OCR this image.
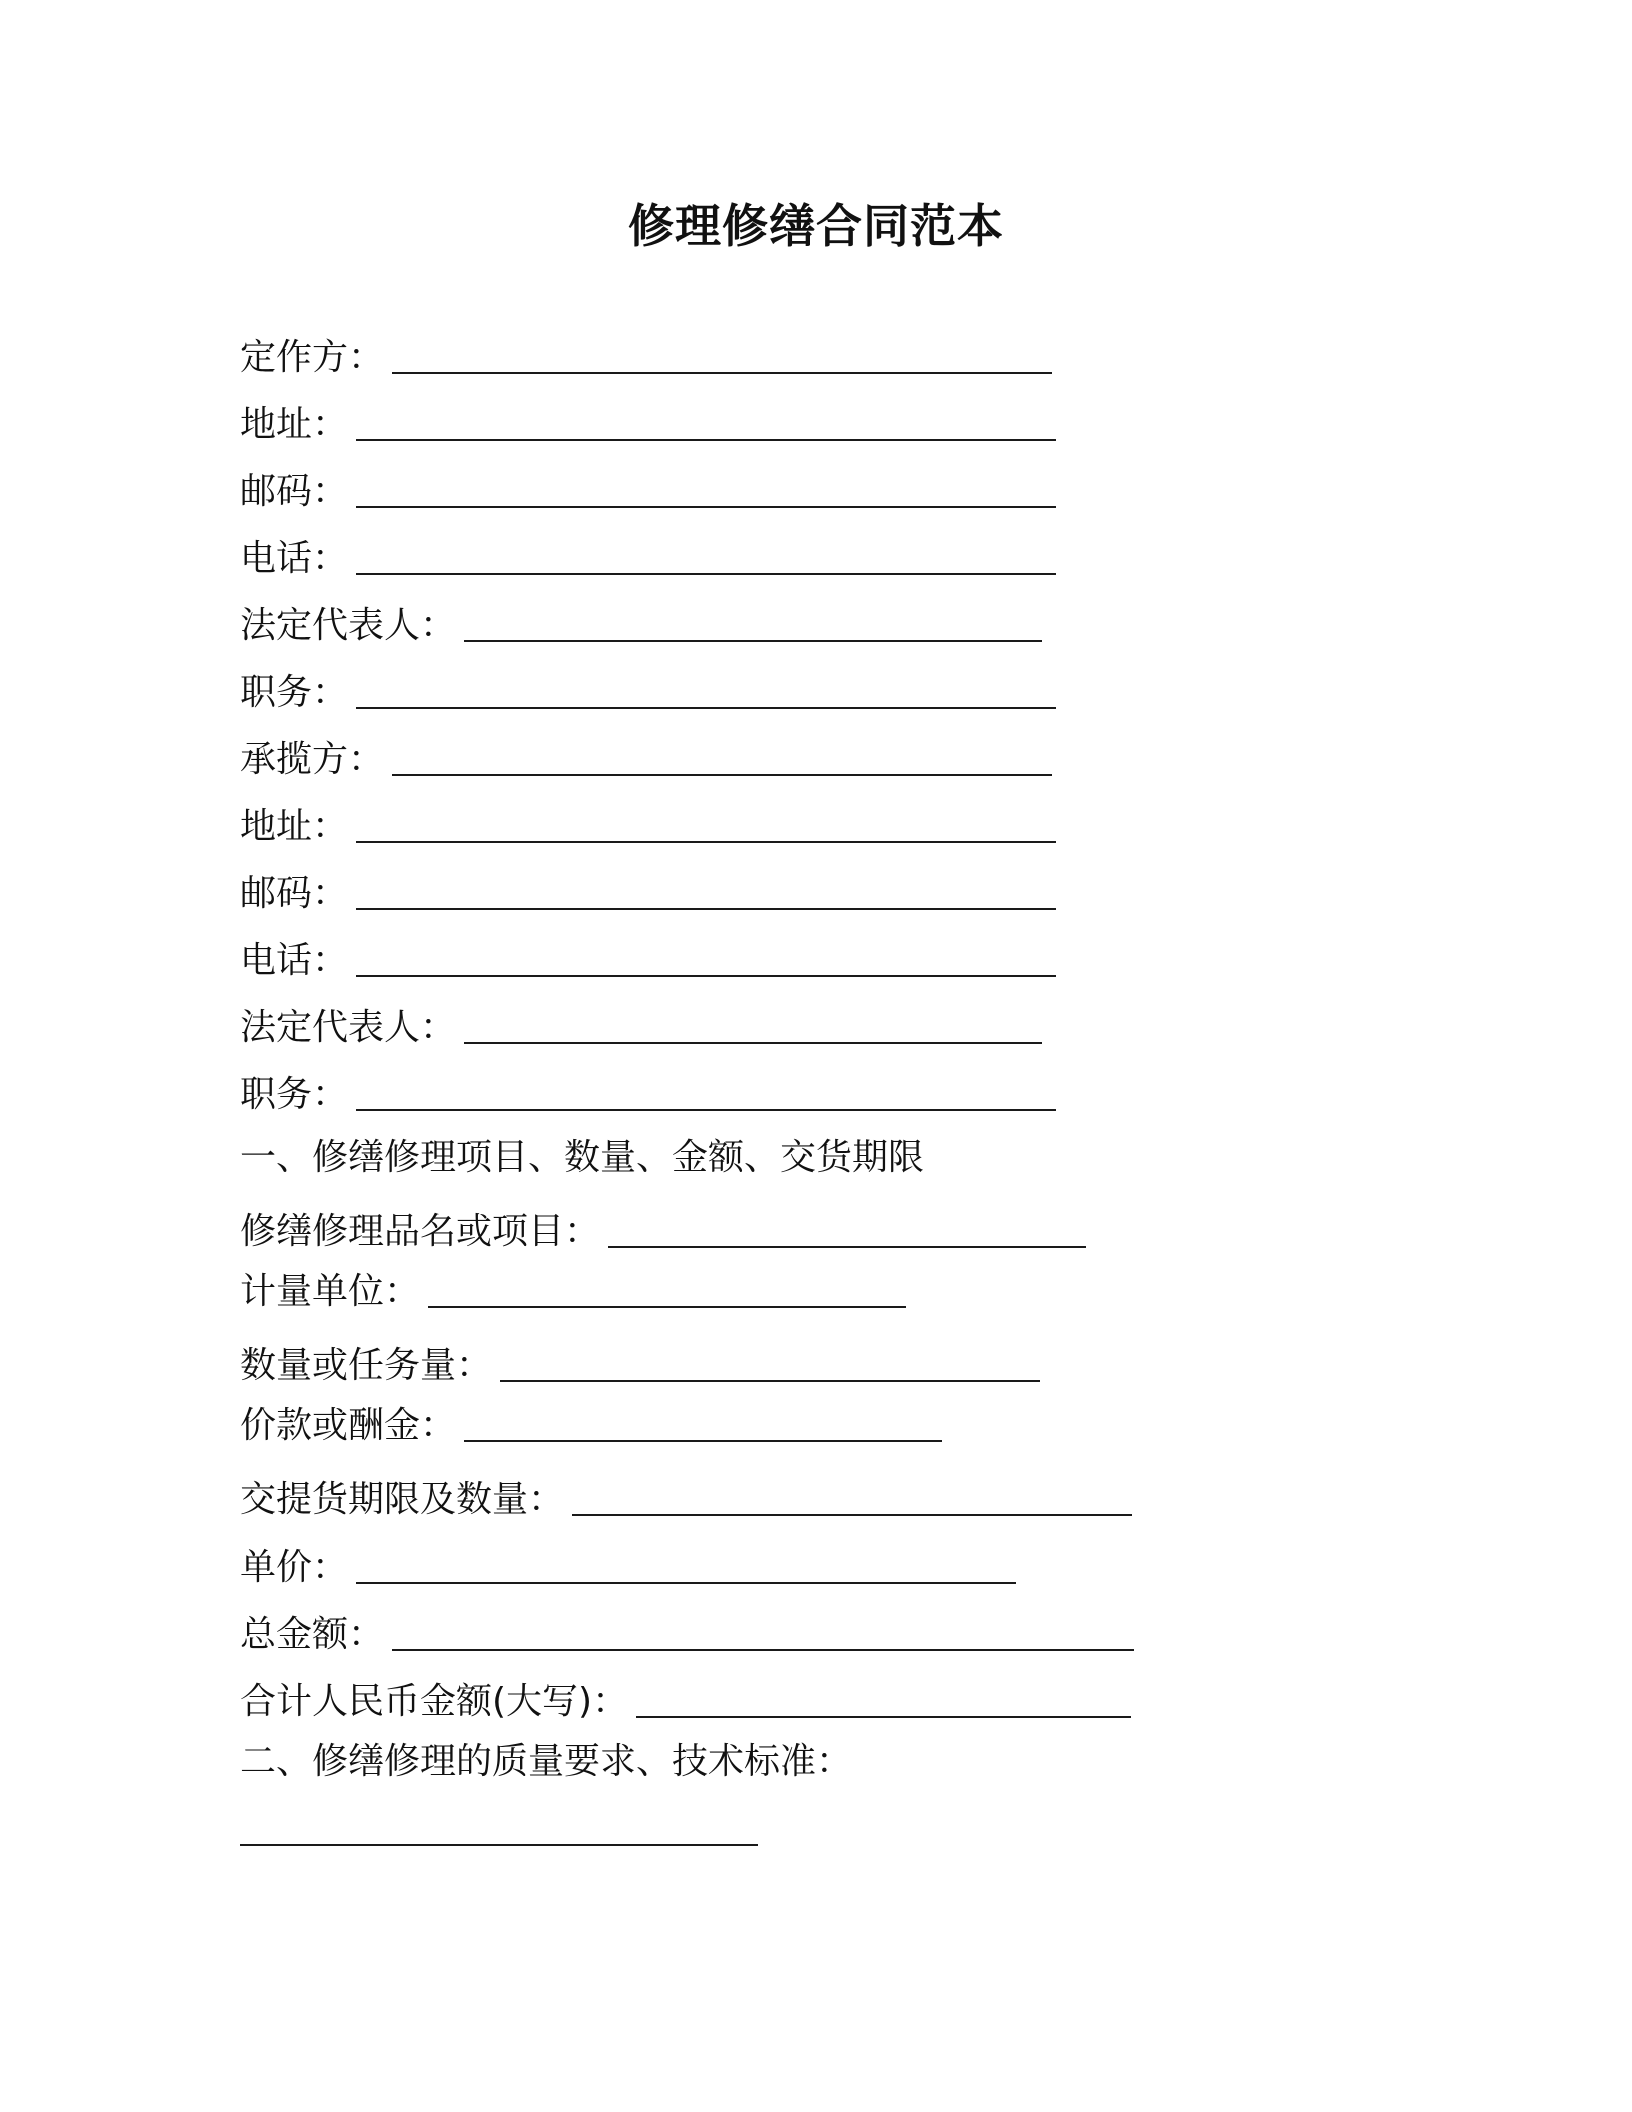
修理修缮合同范本
定作方：
地址：
邮码：
电话：
法定代表人：
职务：
承揽方：
地址：
邮码：
电话：
法定代表人：
职务：
一、修缮修理项目、数量、金额、交货期限
修缮修理品名或项目：
计量单位：
数量或任务量：
价款或酬金：
交提货期限及数量：
单价：
总金额：
合计人民币金额(大写)：
二、修缮修理的质量要求、技术标准：
